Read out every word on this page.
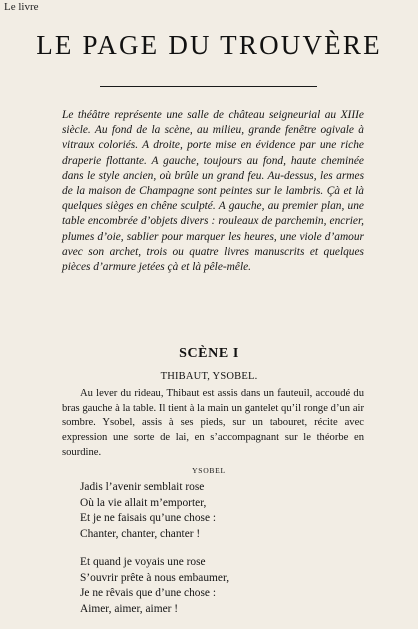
Le livre
LE PAGE DU TROUVÈRE

Le théâtre représente une salle de château seigneurial au XIIIe siècle. Au fond de la scène, au milieu, grande fenêtre ogivale à vitraux coloriés. A droite, porte mise en évidence par une riche draperie flottante. A gauche, toujours au fond, haute cheminée dans le style ancien, où brûle un grand feu. Au-dessus, les armes de la maison de Champagne sont peintes sur le lambris. Çà et là quelques sièges en chêne sculpté. A gauche, au premier plan, une table encombrée d’objets divers : rouleaux de parchemin, encrier, plumes d’oie, sablier pour marquer les heures, une viole d’amour avec son archet, trois ou quatre livres manuscrits et quelques pièces d’armure jetées çà et là pêle-mêle.

SCÈNE I
THIBAUT, YSOBEL.

Au lever du rideau, Thibaut est assis dans un fauteuil, accoudé du bras gauche à la table. Il tient à la main un gantelet qu’il ronge d’un air sombre. Ysobel, assis à ses pieds, sur un tabouret, récite avec expression une sorte de lai, en s’accompagnant sur le théorbe en sourdine.

YSOBEL
Jadis l’avenir semblait rose
Où la vie allait m’emporter,
Et je ne faisais qu’une chose :
Chanter, chanter, chanter !
Et quand je voyais une rose
S’ouvrir prête à nous embaumer,
Je ne rêvais que d’une chose :
Aimer, aimer, aimer !
